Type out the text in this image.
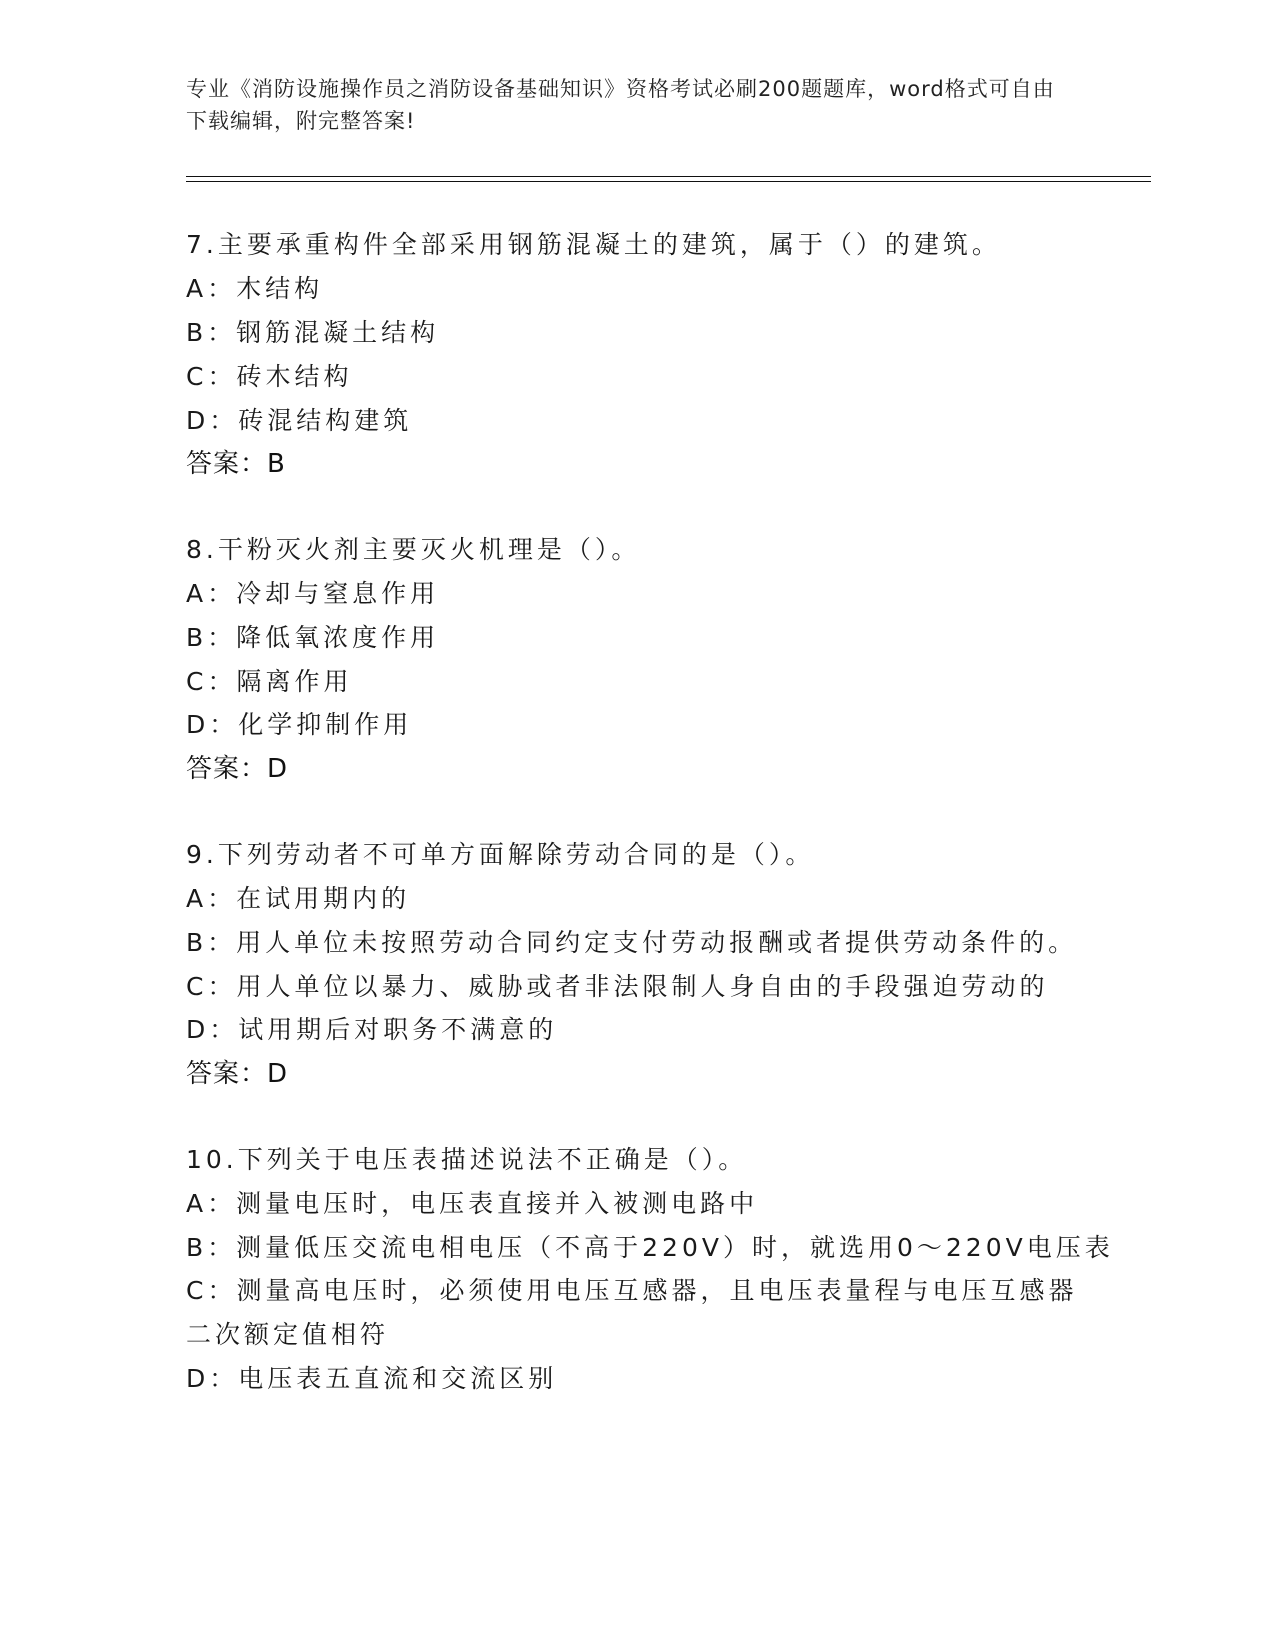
专业《消防设施操作员之消防设备基础知识》资格考试必刷200题题库，word格式可自由下载编辑，附完整答案!
7.主要承重构件全部采用钢筋混凝土的建筑，属于（）的建筑。
A：木结构
B：钢筋混凝土结构
C：砖木结构
D：砖混结构建筑
答案：B
8.干粉灭火剂主要灭火机理是（）。
A：冷却与窒息作用
B：降低氧浓度作用
C：隔离作用
D：化学抑制作用
答案：D
9.下列劳动者不可单方面解除劳动合同的是（）。
A：在试用期内的
B：用人单位未按照劳动合同约定支付劳动报酬或者提供劳动条件的。
C：用人单位以暴力、威胁或者非法限制人身自由的手段强迫劳动的
D：试用期后对职务不满意的
答案：D
10.下列关于电压表描述说法不正确是（）。
A：测量电压时，电压表直接并入被测电路中
B：测量低压交流电相电压（不高于220V）时，就选用0～220V电压表
C：测量高电压时，必须使用电压互感器，且电压表量程与电压互感器
二次额定值相符
D：电压表五直流和交流区别
